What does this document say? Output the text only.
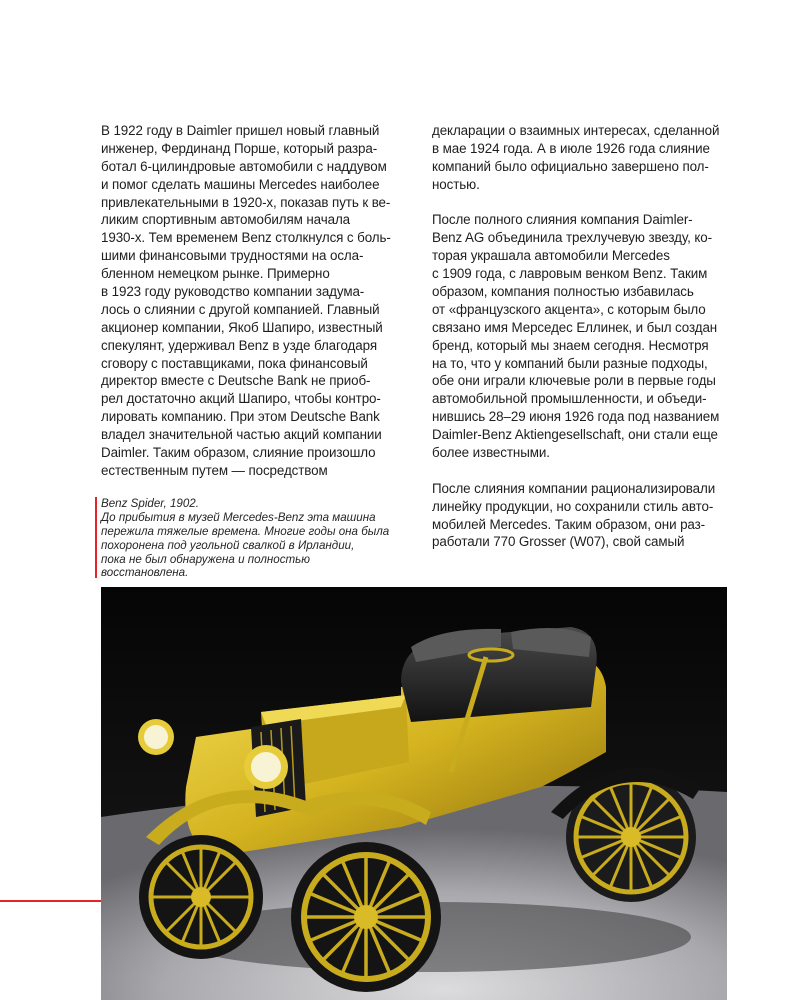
В 1922 году в Daimler пришел новый главный
инженер, Фердинанд Порше, который разра-
ботал 6-цилиндровые автомобили с наддувом
и помог сделать машины Mercedes наиболее
привлекательными в 1920-х, показав путь к ве-
ликим спортивным автомобилям начала
1930-х. Тем временем Benz столкнулся с боль-
шими финансовыми трудностями на осла-
бленном немецком рынке. Примерно
в 1923 году руководство компании задума-
лось о слиянии с другой компанией. Главный
акционер компании, Якоб Шапиро, известный
спекулянт, удерживал Benz в узде благодаря
сговору с поставщиками, пока финансовый
директор вместе с Deutsche Bank не приоб-
рел достаточно акций Шапиро, чтобы контро-
лировать компанию. При этом Deutsche Bank
владел значительной частью акций компании
Daimler. Таким образом, слияние произошло
естественным путем — посредством
декларации о взаимных интересах, сделанной
в мае 1924 года. А в июле 1926 года слияние
компаний было официально завершено пол-
ностью.
После полного слияния компания Daimler-
Benz AG объединила трехлучевую звезду, ко-
торая украшала автомобили Mercedes
с 1909 года, с лавровым венком Benz. Таким
образом, компания полностью избавилась
от «французского акцента», с которым было
связано имя Мерседес Еллинек, и был создан
бренд, который мы знаем сегодня. Несмотря
на то, что у компаний были разные подходы,
обе они играли ключевые роли в первые годы
автомобильной промышленности, и объеди-
нившись 28–29 июня 1926 года под названием
Daimler-Benz Aktiengesellschaft, они стали еще
более известными.
После слияния компании рационализировали
линейку продукции, но сохранили стиль авто-
мобилей Mercedes. Таким образом, они раз-
работали 770 Grosser (W07), свой самый
Benz Spider, 1902.
До прибытия в музей Mercedes-Benz эта машина
пережила тяжелые времена. Многие годы она была
похоронена под угольной свалкой в Ирландии,
пока не был обнаружена и полностью
восстановлена.
